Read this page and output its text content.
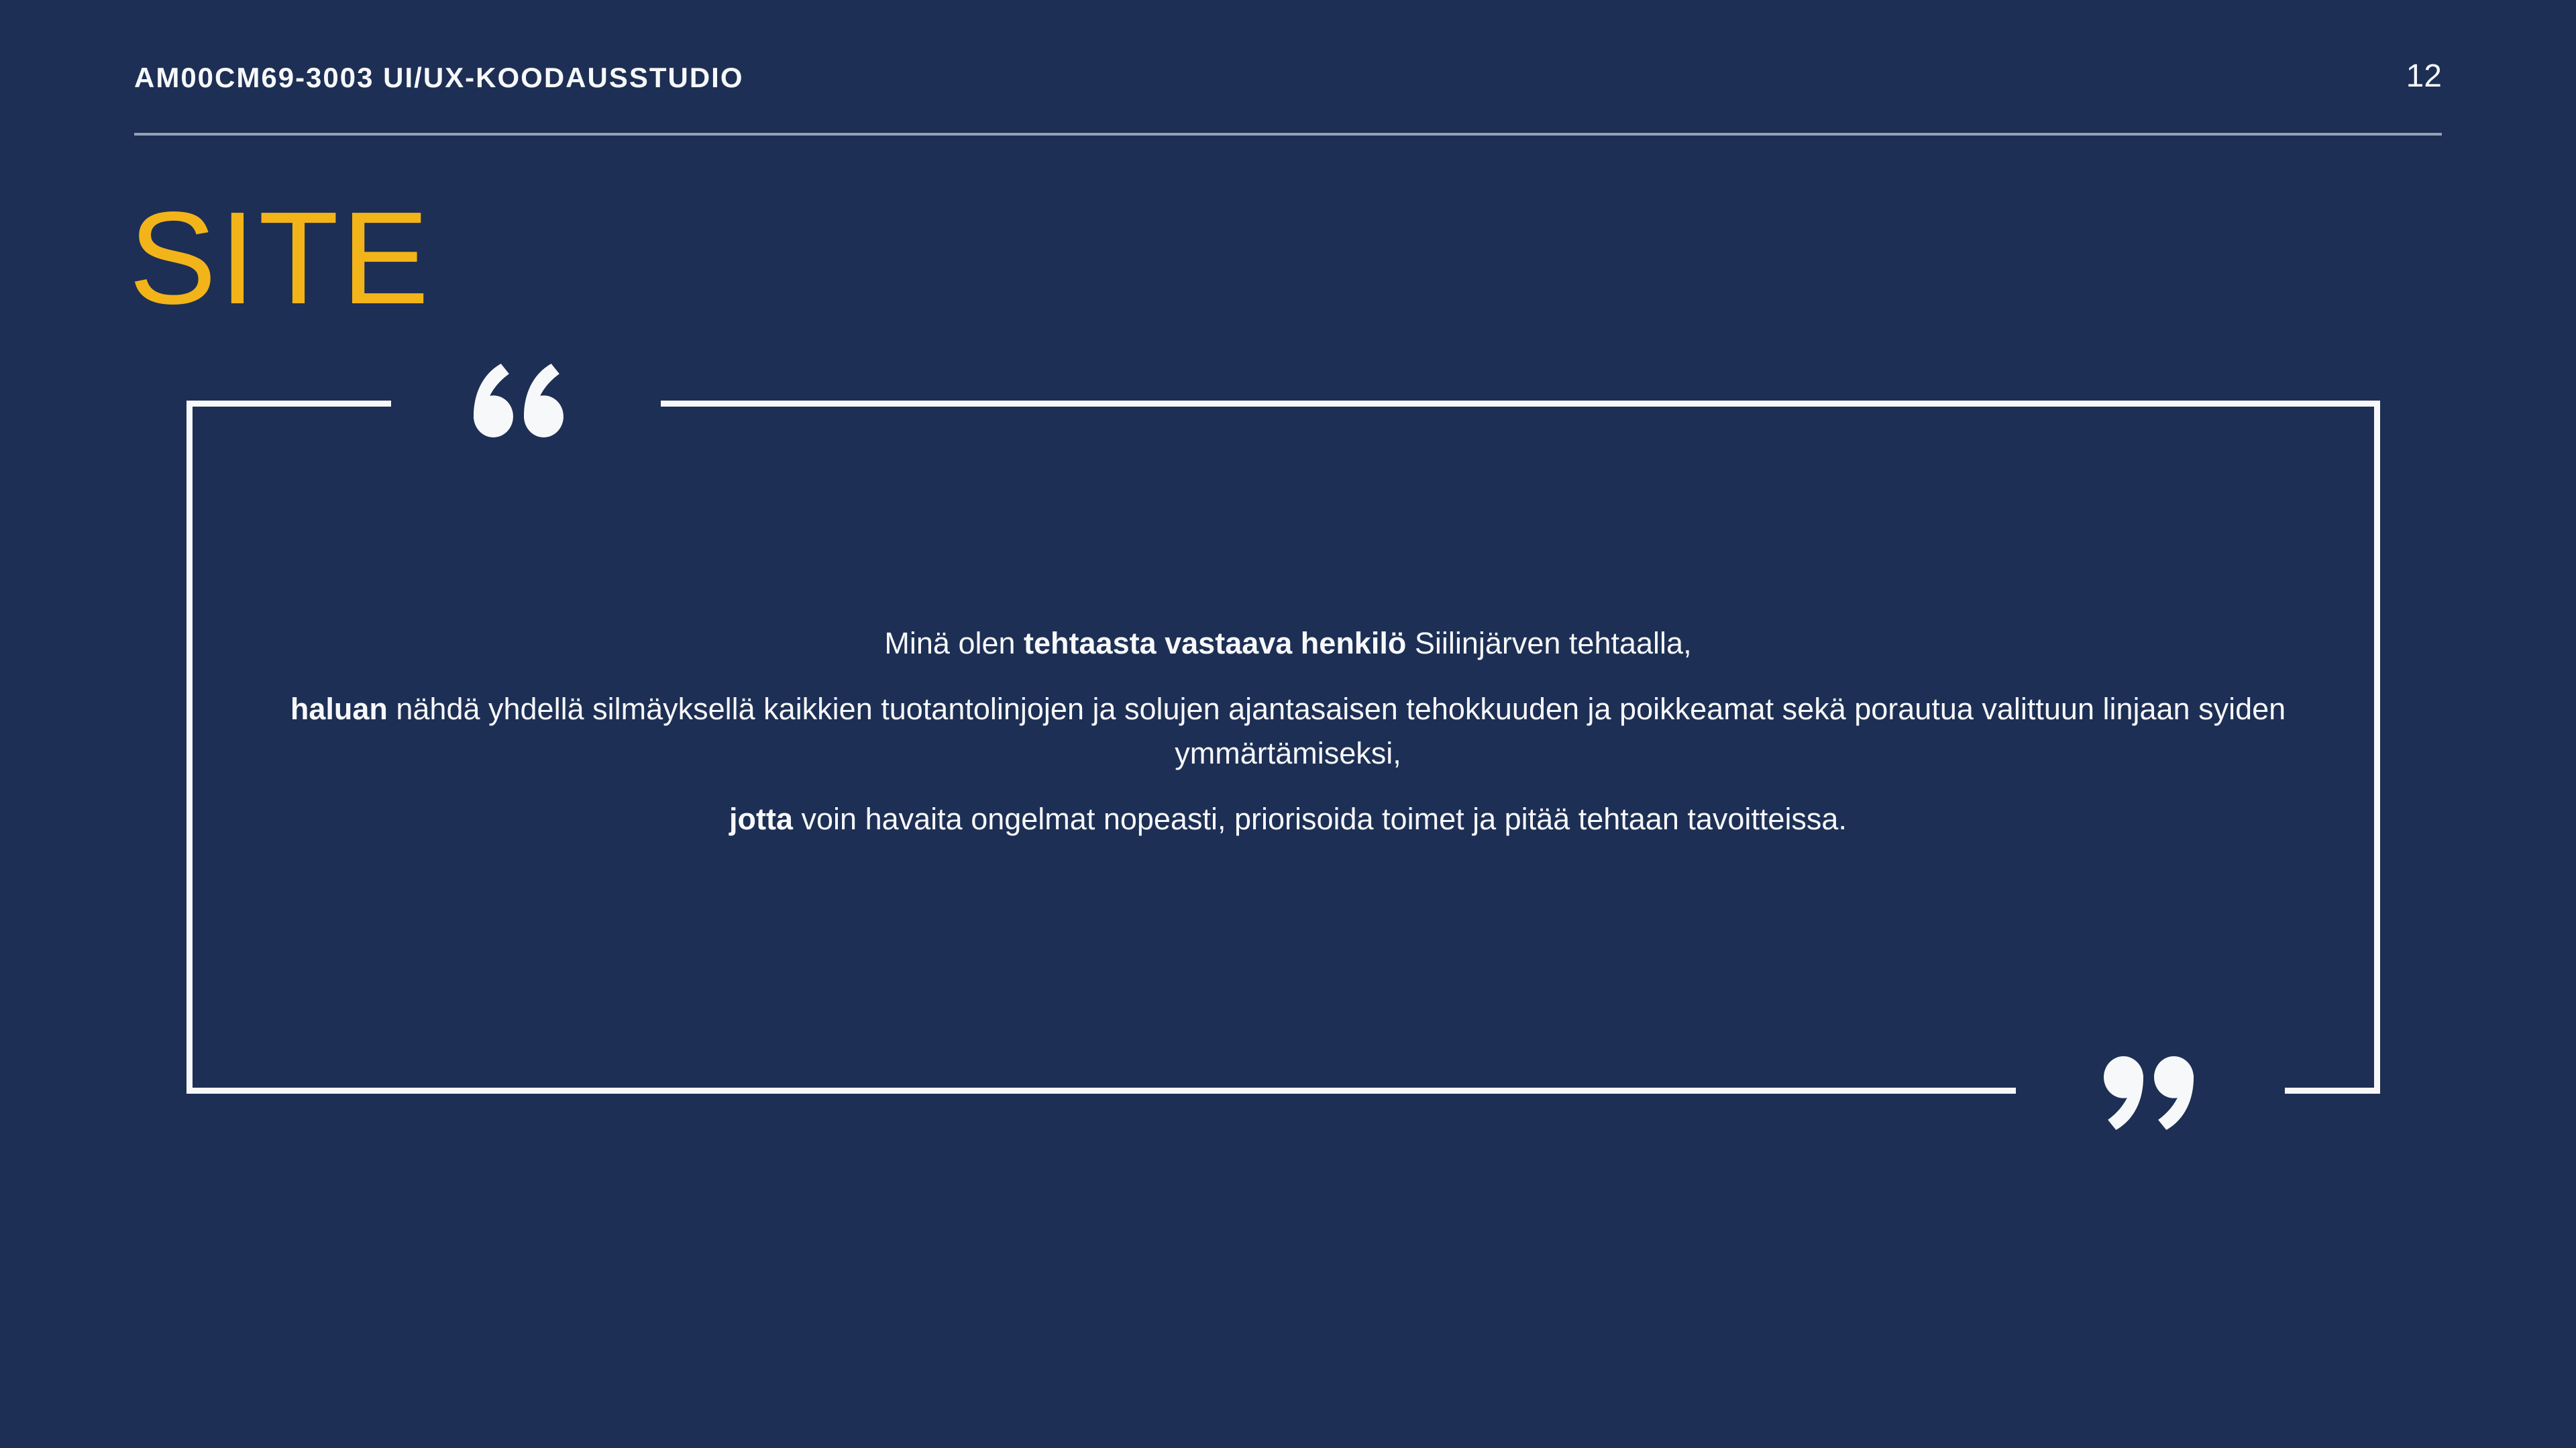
AM00CM69-3003 UI/UX-KOODAUSSTUDIO	12
SITE

Minä olen tehtaasta vastaava henkilö Siilinjärven tehtaalla,

haluan nähdä yhdellä silmäyksellä kaikkien tuotantolinjojen ja solujen ajantasaisen tehokkuuden ja poikkeamat sekä porautua valittuun linjaan syiden ymmärtämiseksi,

jotta voin havaita ongelmat nopeasti, priorisoida toimet ja pitää tehtaan tavoitteissa.
